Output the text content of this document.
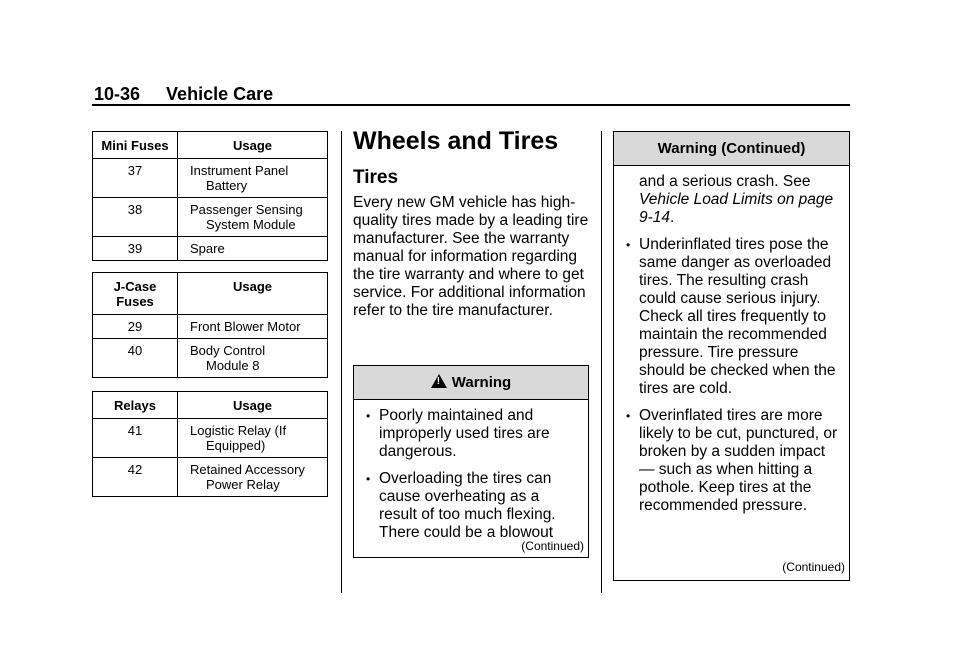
10-36 Vehicle Care
Mini Fuses	Usage
37	Instrument Panel
Battery

38	Passenger Sensing
System Module

39	Spare
J-Case Fuses	Usage
29	Front Blower Motor
40	Body Control
Module 8
Relays	Usage
41	Logistic Relay (If
Equipped)

42	Retained Accessory
Power Relay
Wheels and Tires
Tires

Every new GM vehicle has high-quality tires made by a leading tire manufacturer. See the warranty manual for information regarding the tire warranty and where to get service. For additional information refer to the tire manufacturer.

!Warning
• Poorly maintained and improperly used tires are dangerous.
• Overloading the tires can cause overheating as a result of too much flexing. There could be a blowout
(Continued)
Warning (Continued)

and a serious crash. See Vehicle Load Limits on page 9-14.

• Underinflated tires pose the same danger as overloaded tires. The resulting crash could cause serious injury. Check all tires frequently to maintain the recommended pressure. Tire pressure should be checked when the tires are cold.
• Overinflated tires are more likely to be cut, punctured, or broken by a sudden impact — such as when hitting a pothole. Keep tires at the recommended pressure.
(Continued)
